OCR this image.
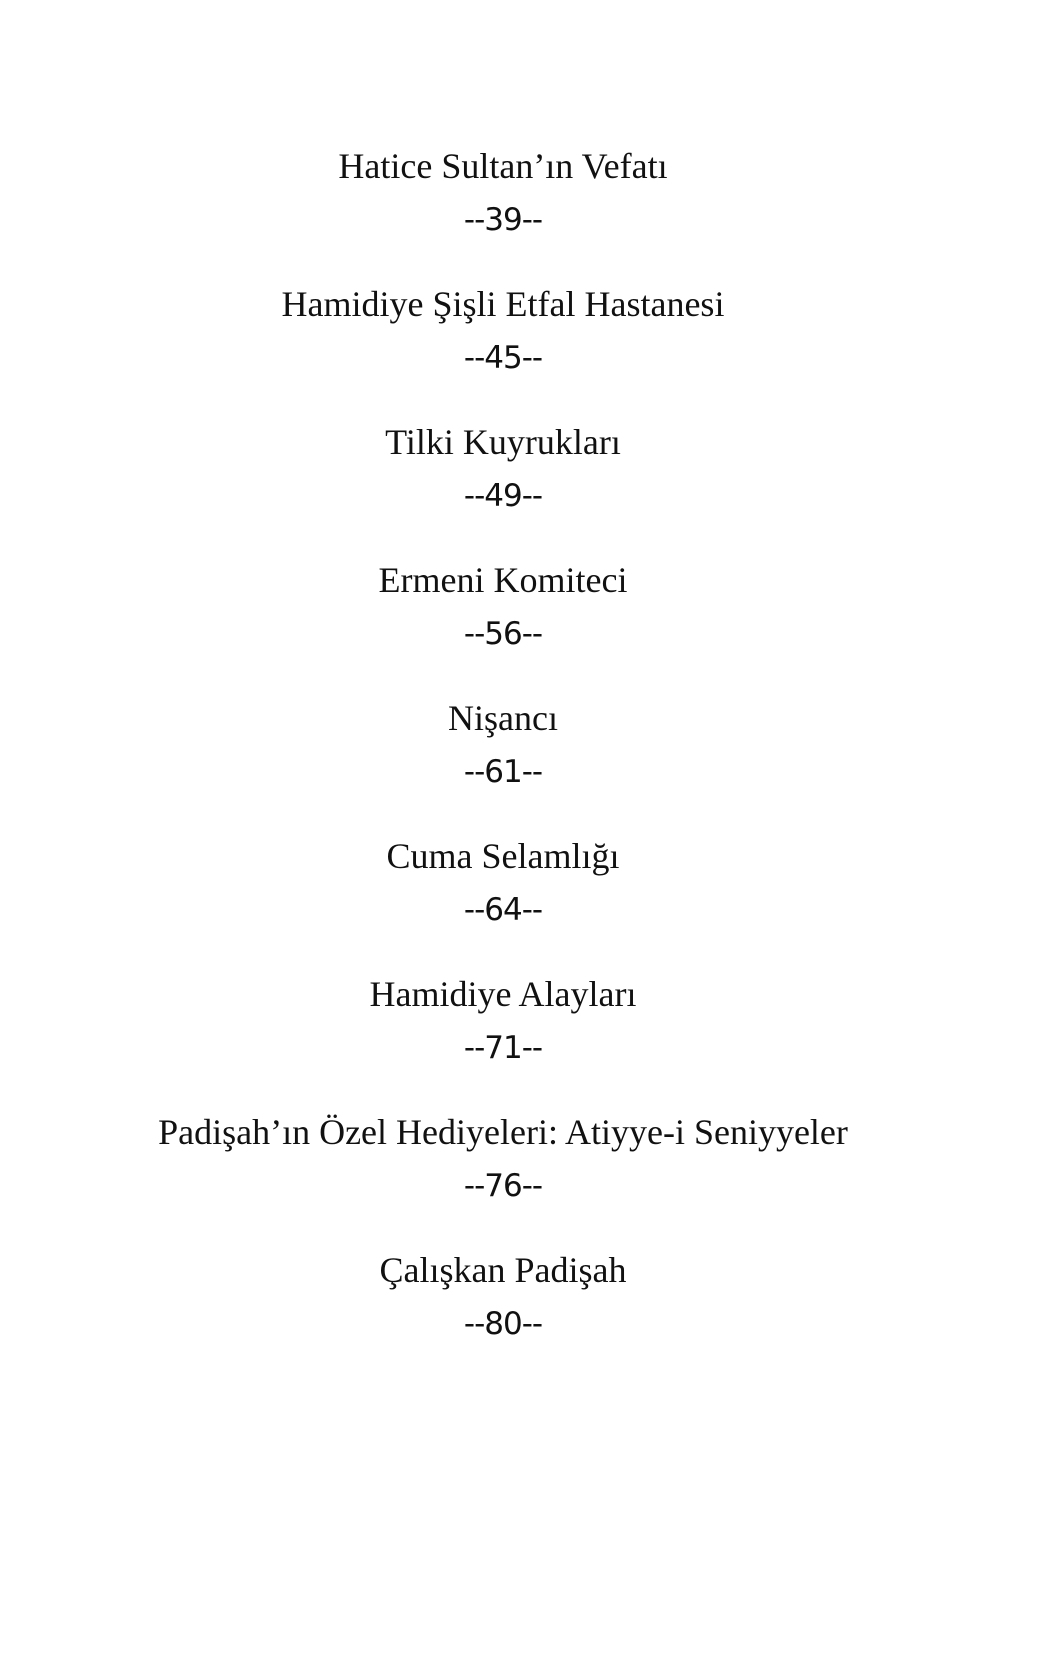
Hatice Sultan’ın Vefatı
--39--
Hamidiye Şişli Etfal Hastanesi
--45--
Tilki Kuyrukları
--49--
Ermeni Komiteci
--56--
Nişancı
--61--
Cuma Selamlığı
--64--
Hamidiye Alayları
--71--
Padişah’ın Özel Hediyeleri: Atiyye-i Seniyyeler
--76--
Çalışkan Padişah
--80--
